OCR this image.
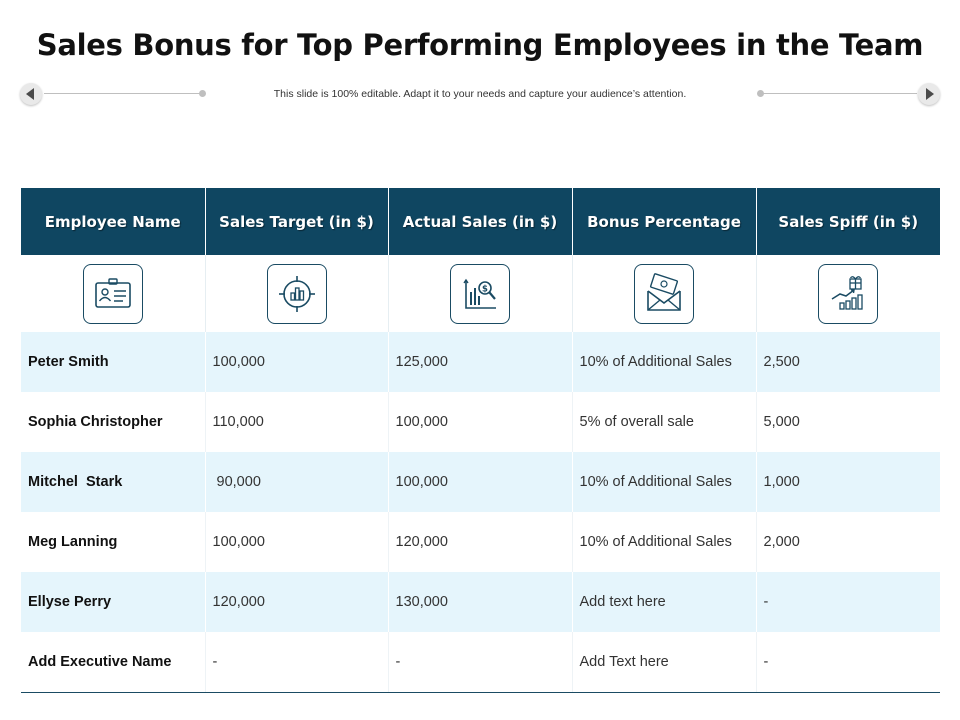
Sales Bonus for Top Performing Employees in the Team
This slide is 100% editable. Adapt it to your needs and capture your audience’s attention.
Employee Name	Sales Target (in $)	Actual Sales (in $)	Bonus Percentage	Sales Spiff (in $)

$

Peter Smith	100,000	125,000	10% of Additional Sales	2,500
Sophia Christopher	110,000	100,000	5% of overall sale	5,000
Mitchel  Stark	90,000	100,000	10% of Additional Sales	1,000
Meg Lanning	100,000	120,000	10% of Additional Sales	2,000
Ellyse Perry	120,000	130,000	Add text here	-
Add Executive Name	-	-	Add Text here	-
